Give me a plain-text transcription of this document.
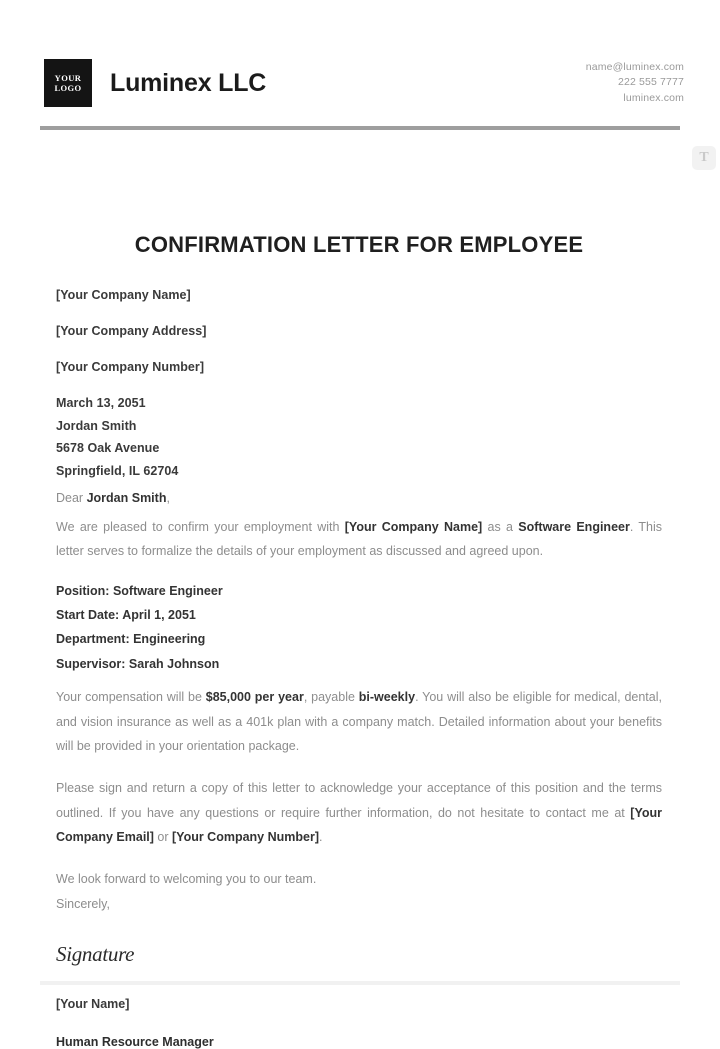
YOUR
LOGO Luminex LLC
name@luminex.com
222 555 7777
luminex.com
T
CONFIRMATION LETTER FOR EMPLOYEE
[Your Company Name]
[Your Company Address]
[Your Company Number]
March 13, 2051
Jordan Smith
5678 Oak Avenue
Springfield, IL 62704
Dear Jordan Smith,

We are pleased to confirm your employment with [Your Company Name] as a Software Engineer. This letter serves to formalize the details of your employment as discussed and agreed upon.

Position: Software Engineer
Start Date: April 1, 2051
Department: Engineering
Supervisor: Sarah Johnson

Your compensation will be $85,000 per year, payable bi-weekly. You will also be eligible for medical, dental, and vision insurance as well as a 401k plan with a company match. Detailed information about your benefits will be provided in your orientation package.

Please sign and return a copy of this letter to acknowledge your acceptance of this position and the terms outlined. If you have any questions or require further information, do not hesitate to contact me at [Your Company Email] or [Your Company Number].

We look forward to welcoming you to our team.
Sincerely,
Signature
[Your Name]
Human Resource Manager
